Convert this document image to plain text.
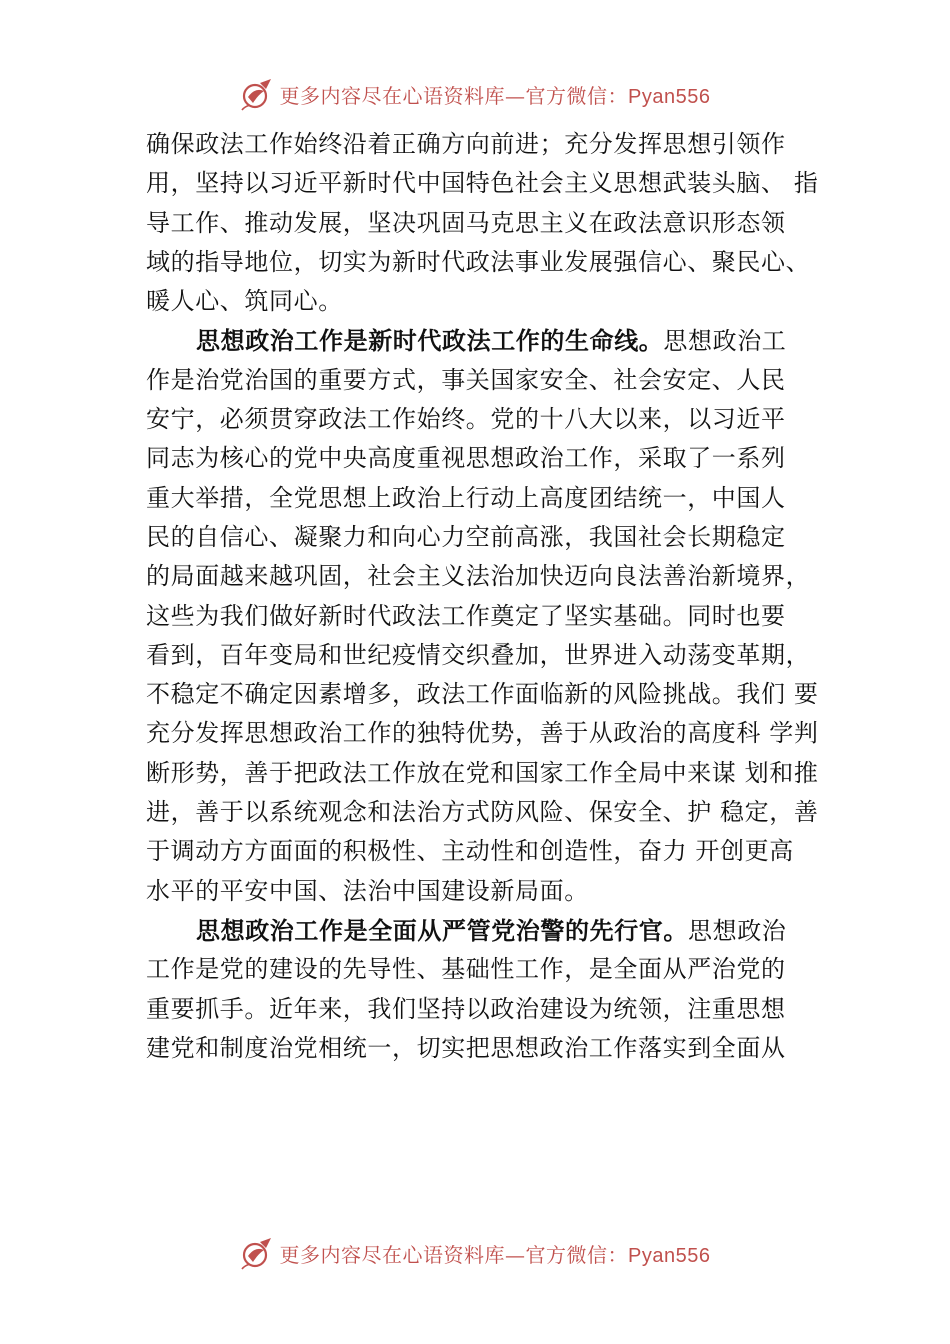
更多内容尽在心语资料库—官方微信：Pyan556
确保政法工作始终沿着正确方向前进；充分发挥思想引领作
用，坚持以习近平新时代中国特色社会主义思想武装头脑、 指
导工作、推动发展，坚决巩固马克思主义在政法意识形态领
域的指导地位，切实为新时代政法事业发展强信心、聚民心、
暖人心、筑同心。
思想政治工作是新时代政法工作的生命线。思想政治工
作是治党治国的重要方式，事关国家安全、社会安定、人民
安宁，必须贯穿政法工作始终。党的十八大以来，以习近平
同志为核心的党中央高度重视思想政治工作，采取了一系列
重大举措，全党思想上政治上行动上高度团结统一，中国人
民的自信心、凝聚力和向心力空前高涨，我国社会长期稳定
的局面越来越巩固，社会主义法治加快迈向良法善治新境界，
这些为我们做好新时代政法工作奠定了坚实基础。同时也要
看到，百年变局和世纪疫情交织叠加，世界进入动荡变革期，
不稳定不确定因素增多，政法工作面临新的风险挑战。我们 要
充分发挥思想政治工作的独特优势，善于从政治的高度科 学判
断形势，善于把政法工作放在党和国家工作全局中来谋 划和推
进，善于以系统观念和法治方式防风险、保安全、护 稳定，善
于调动方方面面的积极性、主动性和创造性，奋力 开创更高
水平的平安中国、法治中国建设新局面。
思想政治工作是全面从严管党治警的先行官。思想政治
工作是党的建设的先导性、基础性工作，是全面从严治党的
重要抓手。近年来，我们坚持以政治建设为统领，注重思想
建党和制度治党相统一，切实把思想政治工作落实到全面从
更多内容尽在心语资料库—官方微信：Pyan556
